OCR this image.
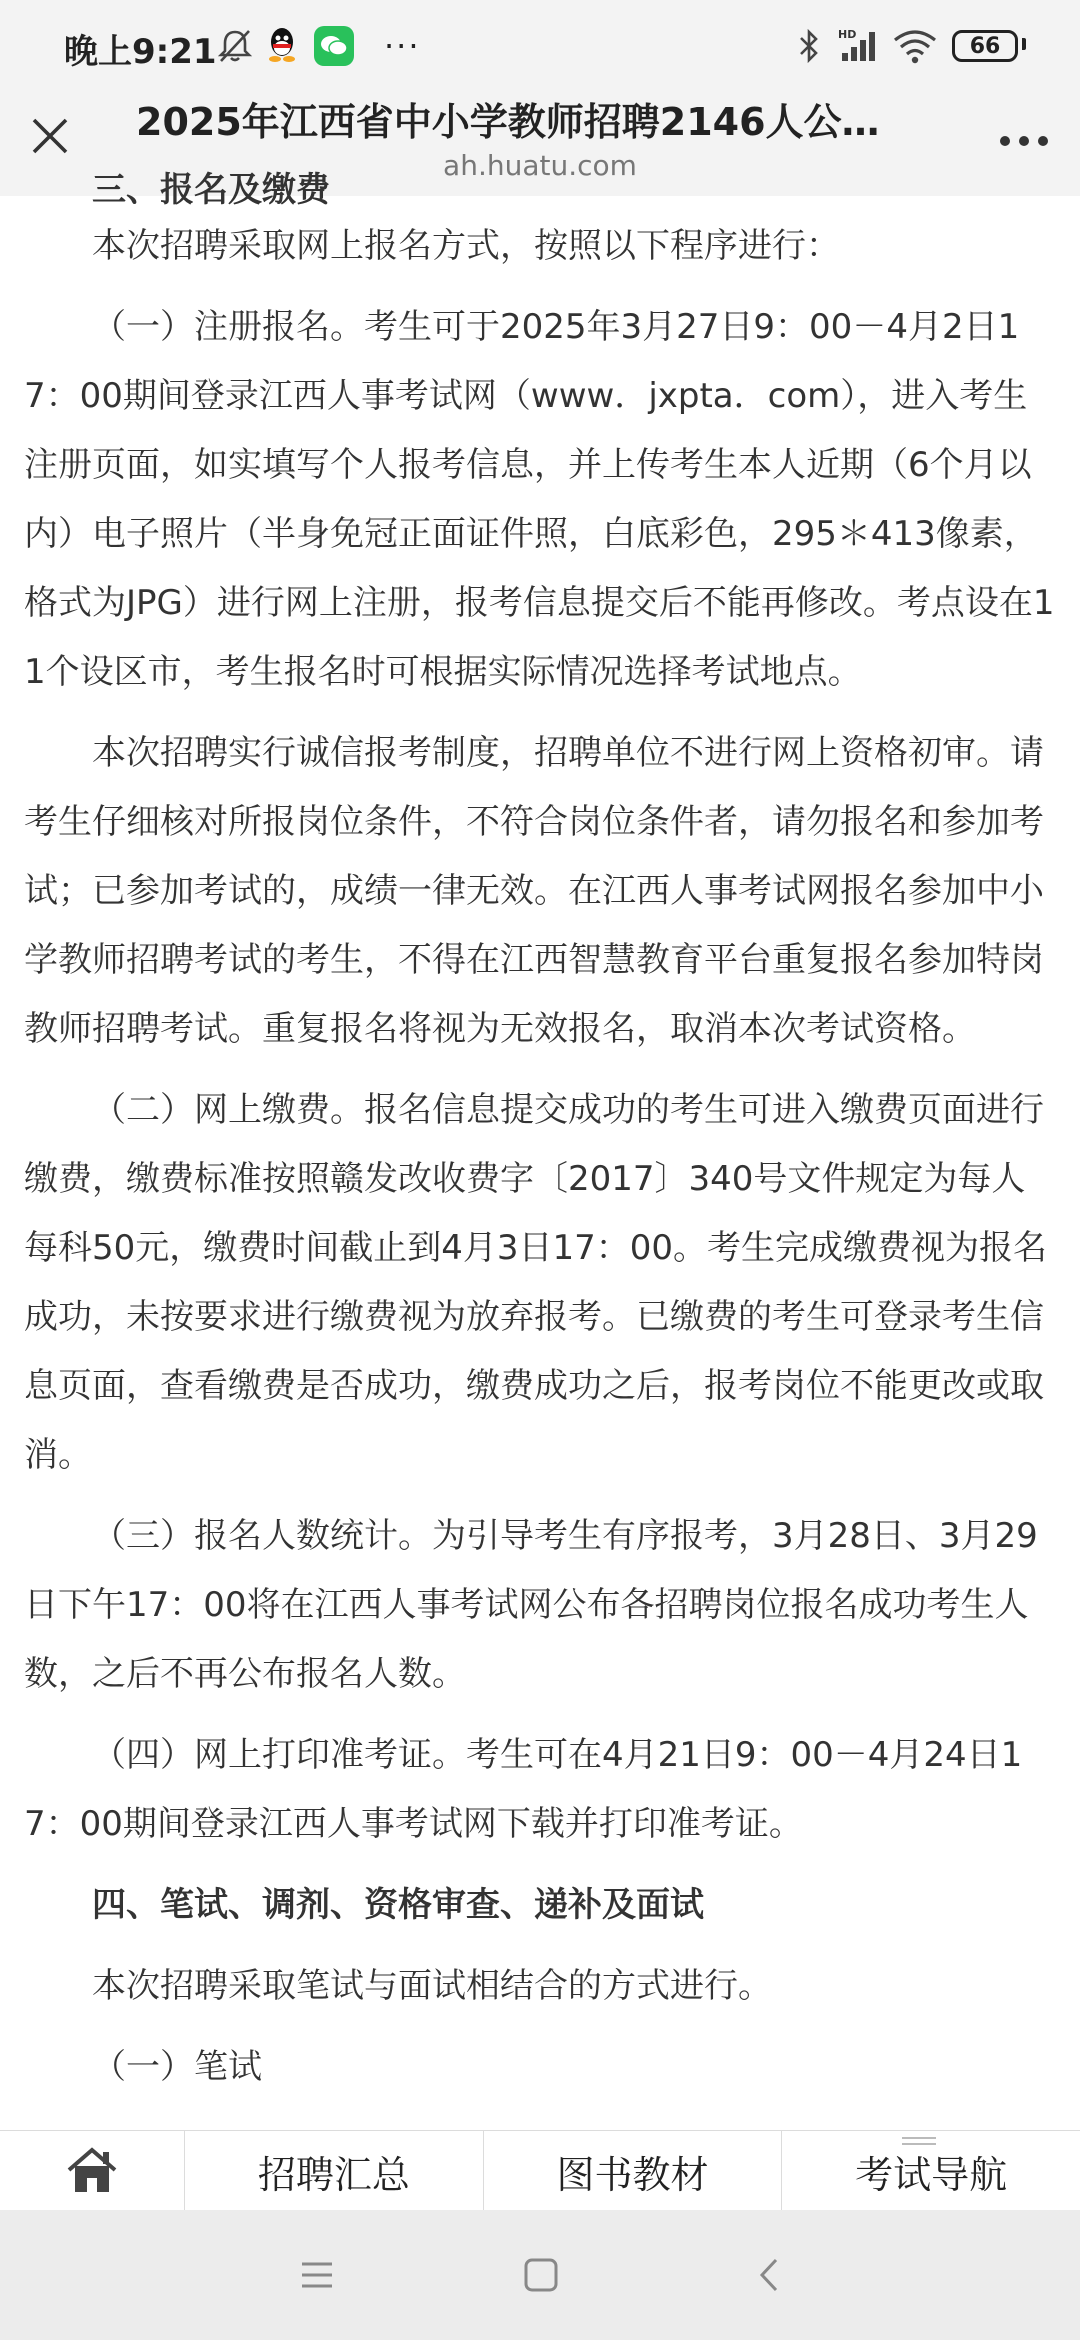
晚上9:21	···	HD	66
2025年江西省中小学教师招聘2146人公…
ah.huatu.com

三、报名及缴费

本次招聘采取网上报名方式，按照以下程序进行：

（一）注册报名。考生可于2025年3月27日9：00－4月2日17：00期间登录江西人事考试网（www．jxpta．com），进入考生注册页面，如实填写个人报考信息，并上传考生本人近期（6个月以内）电子照片（半身免冠正面证件照，白底彩色，295＊413像素，格式为JPG）进行网上注册，报考信息提交后不能再修改。考点设在11个设区市，考生报名时可根据实际情况选择考试地点。

本次招聘实行诚信报考制度，招聘单位不进行网上资格初审。请考生仔细核对所报岗位条件，不符合岗位条件者，请勿报名和参加考试；已参加考试的，成绩一律无效。在江西人事考试网报名参加中小学教师招聘考试的考生，不得在江西智慧教育平台重复报名参加特岗教师招聘考试。重复报名将视为无效报名，取消本次考试资格。

（二）网上缴费。报名信息提交成功的考生可进入缴费页面进行缴费，缴费标准按照赣发改收费字〔2017〕340号文件规定为每人每科50元，缴费时间截止到4月3日17：00。考生完成缴费视为报名成功，未按要求进行缴费视为放弃报考。已缴费的考生可登录考生信息页面，查看缴费是否成功，缴费成功之后，报考岗位不能更改或取消。

（三）报名人数统计。为引导考生有序报考，3月28日、3月29日下午17：00将在江西人事考试网公布各招聘岗位报名成功考生人数，之后不再公布报名人数。

（四）网上打印准考证。考生可在4月21日9：00－4月24日17：00期间登录江西人事考试网下载并打印准考证。

四、笔试、调剂、资格审查、递补及面试

本次招聘采取笔试与面试相结合的方式进行。

（一）笔试

招聘汇总	图书教材	考试导航
